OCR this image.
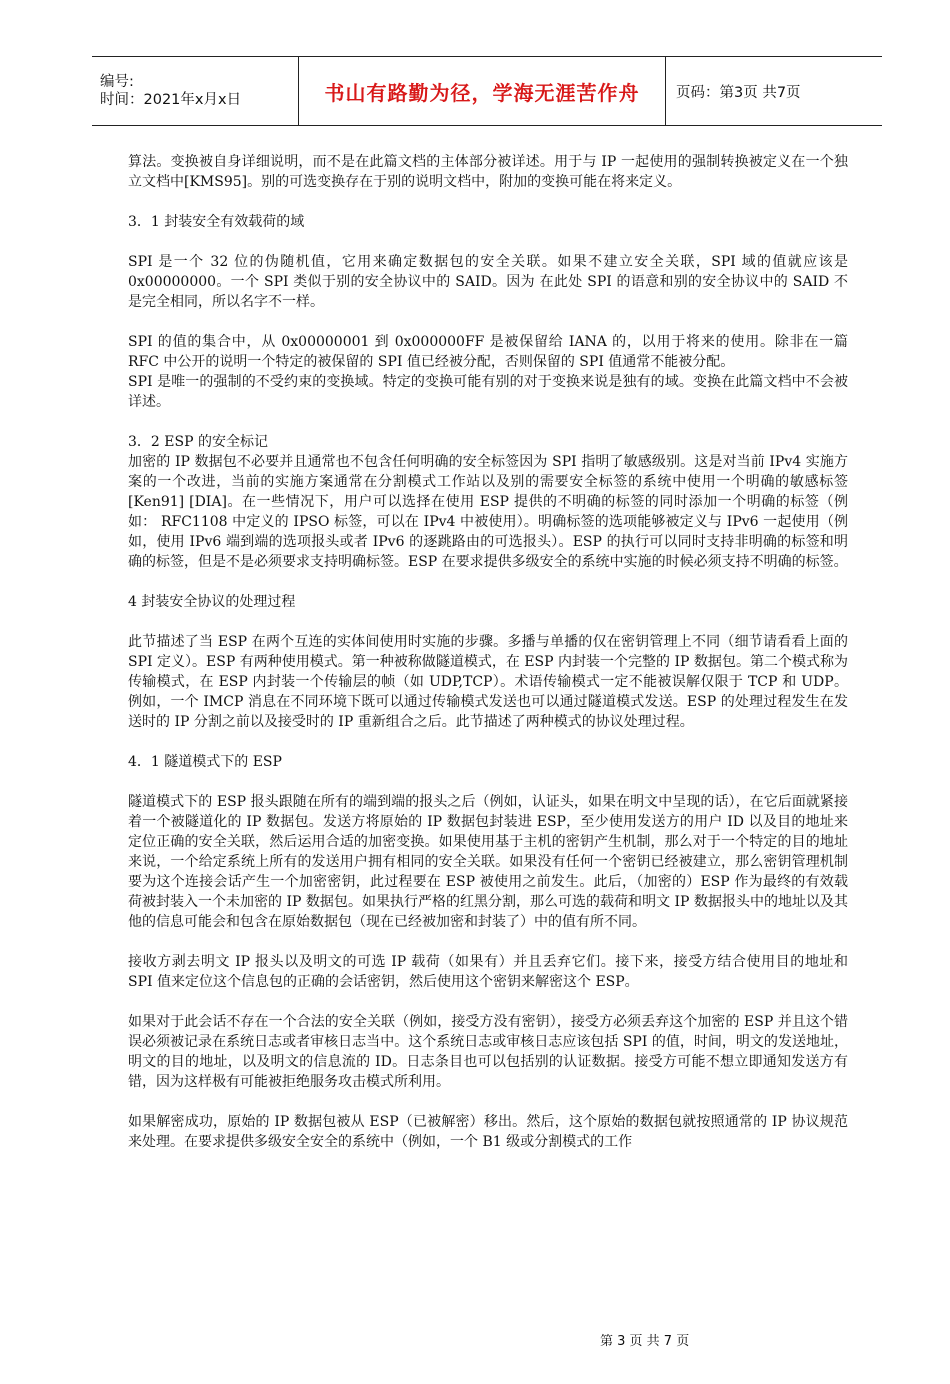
编号:
时间：2021年x月x日	书山有路勤为径，学海无涯苦作舟	页码：第3页 共7页

算法。变换被自身详细说明，而不是在此篇文档的主体部分被详述。用于与 IP 一起使用的强制转换被定义在一个独立文档中[KMS95]。别的可选变换存在于别的说明文档中，附加的变换可能在将来定义。

3．1 封装安全有效载荷的域

SPI 是一个 32 位的伪随机值，它用来确定数据包的安全关联。如果不建立安全关联，SPI 域的值就应该是 0x00000000。一个 SPI 类似于别的安全协议中的 SAID。因为 在此处 SPI 的语意和别的安全协议中的 SAID 不是完全相同，所以名字不一样。

SPI 的值的集合中，从 0x00000001 到 0x000000FF 是被保留给 IANA 的，以用于将来的使用。除非在一篇 RFC 中公开的说明一个特定的被保留的 SPI 值已经被分配，否则保留的 SPI 值通常不能被分配。

SPI 是唯一的强制的不受约束的变换域。特定的变换可能有别的对于变换来说是独有的域。变换在此篇文档中不会被详述。

3．2 ESP 的安全标记

加密的 IP 数据包不必要并且通常也不包含任何明确的安全标签因为 SPI 指明了敏感级别。这是对当前 IPv4 实施方案的一个改进，当前的实施方案通常在分割模式工作站以及别的需要安全标签的系统中使用一个明确的敏感标签[Ken91] [DIA]。在一些情况下，用户可以选择在使用 ESP 提供的不明确的标签的同时添加一个明确的标签（例如： RFC1108 中定义的 IPSO 标签，可以在 IPv4 中被使用）。明确标签的选项能够被定义与 IPv6 一起使用（例如，使用 IPv6 端到端的选项报头或者 IPv6 的逐跳路由的可选报头）。ESP 的执行可以同时支持非明确的标签和明确的标签，但是不是必须要求支持明确标签。ESP 在要求提供多级安全的系统中实施的时候必须支持不明确的标签。

4 封装安全协议的处理过程

此节描述了当 ESP 在两个互连的实体间使用时实施的步骤。多播与单播的仅在密钥管理上不同（细节请看看上面的 SPI 定义）。ESP 有两种使用模式。第一种被称做隧道模式，在 ESP 内封装一个完整的 IP 数据包。第二个模式称为传输模式，在 ESP 内封装一个传输层的帧（如 UDP,TCP）。术语传输模式一定不能被误解仅限于 TCP 和 UDP。例如，一个 IMCP 消息在不同环境下既可以通过传输模式发送也可以通过隧道模式发送。ESP 的处理过程发生在发送时的 IP 分割之前以及接受时的 IP 重新组合之后。此节描述了两种模式的协议处理过程。

4．1 隧道模式下的 ESP

隧道模式下的 ESP 报头跟随在所有的端到端的报头之后（例如，认证头，如果在明文中呈现的话），在它后面就紧接着一个被隧道化的 IP 数据包。发送方将原始的 IP 数据包封装进 ESP，至少使用发送方的用户 ID 以及目的地址来定位正确的安全关联，然后运用合适的加密变换。如果使用基于主机的密钥产生机制，那么对于一个特定的目的地址来说，一个给定系统上所有的发送用户拥有相同的安全关联。如果没有任何一个密钥已经被建立，那么密钥管理机制要为这个连接会话产生一个加密密钥，此过程要在 ESP 被使用之前发生。此后，（加密的）ESP 作为最终的有效载荷被封装入一个未加密的 IP 数据包。如果执行严格的红黑分割，那么可选的载荷和明文 IP 数据报头中的地址以及其他的信息可能会和包含在原始数据包（现在已经被加密和封装了）中的值有所不同。

接收方剥去明文 IP 报头以及明文的可选 IP 载荷（如果有）并且丢弃它们。接下来，接受方结合使用目的地址和 SPI 值来定位这个信息包的正确的会话密钥，然后使用这个密钥来解密这个 ESP。

如果对于此会话不存在一个合法的安全关联（例如，接受方没有密钥），接受方必须丢弃这个加密的 ESP 并且这个错误必须被记录在系统日志或者审核日志当中。这个系统日志或审核日志应该包括 SPI 的值，时间，明文的发送地址，明文的目的地址，以及明文的信息流的 ID。日志条目也可以包括别的认证数据。接受方可能不想立即通知发送方有错，因为这样极有可能被拒绝服务攻击模式所利用。

如果解密成功，原始的 IP 数据包被从 ESP（已被解密）移出。然后，这个原始的数据包就按照通常的 IP 协议规范来处理。在要求提供多级安全安全的系统中（例如，一个 B1 级或分割模式的工作

第 3 页 共 7 页
